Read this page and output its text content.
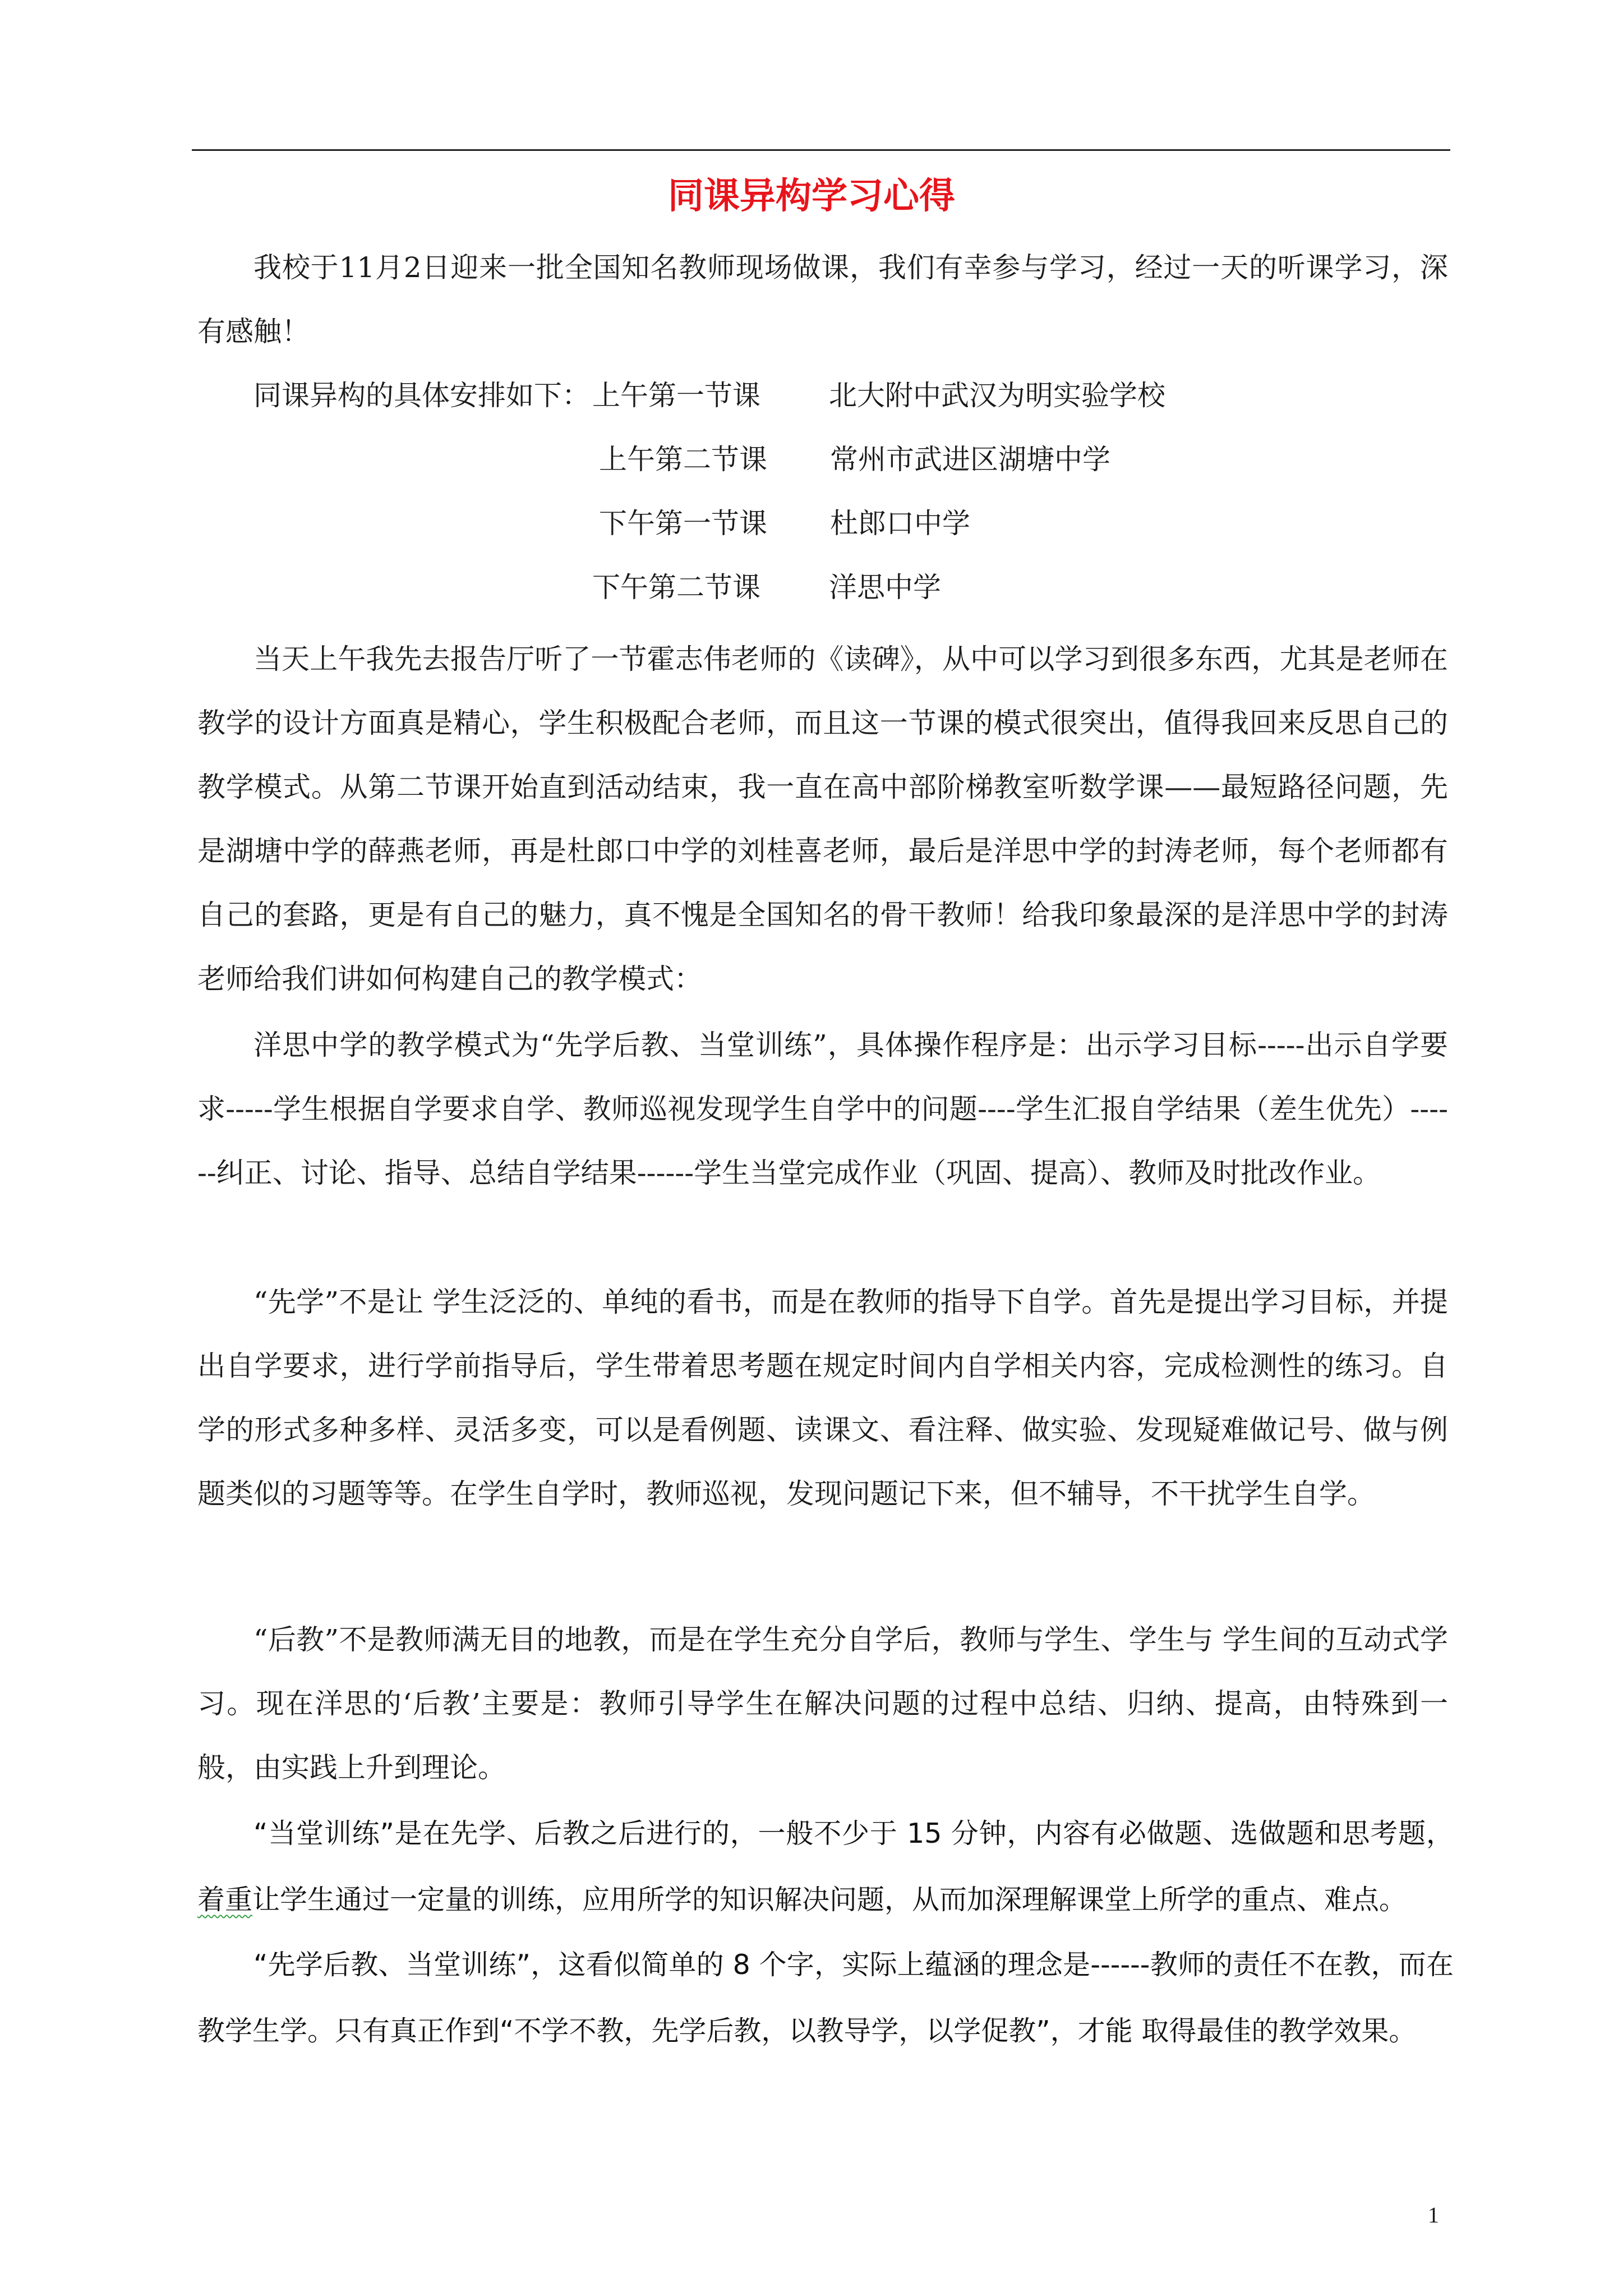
同课异构学习心得
我校于11月2日迎来一批全国知名教师现场做课，我们有幸参与学习，经过一天的听课学习，深有感触！
同课异构的具体安排如下： 上午第一节课 北大附中武汉为明实验学校
上午第二节课 常州市武进区湖塘中学
下午第一节课 杜郎口中学
下午第二节课 洋思中学
当天上午我先去报告厅听了一节霍志伟老师的《读碑》，从中可以学习到很多东西，尤其是老师在教学的设计方面真是精心，学生积极配合老师，而且这一节课的模式很突出，值得我回来反思自己的教学模式。从第二节课开始直到活动结束，我一直在高中部阶梯教室听数学课——最短路径问题，先是湖塘中学的薛燕老师，再是杜郎口中学的刘桂喜老师，最后是洋思中学的封涛老师，每个老师都有自己的套路，更是有自己的魅力，真不愧是全国知名的骨干教师！给我印象最深的是洋思中学的封涛老师给我们讲如何构建自己的教学模式：
洋思中学的教学模式为“先学后教、当堂训练”，具体操作程序是：出示学习目标-----出示自学要求-----学生根据自学要求自学、教师巡视发现学生自学中的问题----学生汇报自学结果（差生优先）------纠正、讨论、指导、总结自学结果------学生当堂完成作业（巩固、提高）、教师及时批改作业。
“先学”不是让 学生泛泛的、单纯的看书，而是在教师的指导下自学。首先是提出学习目标，并提出自学要求，进行学前指导后，学生带着思考题在规定时间内自学相关内容，完成检测性的练习。自学的形式多种多样、灵活多变，可以是看例题、读课文、看注释、做实验、发现疑难做记号、做与例题类似的习题等等。在学生自学时，教师巡视，发现问题记下来，但不辅导，不干扰学生自学。
“后教”不是教师满无目的地教，而是在学生充分自学后，教师与学生、学生与 学生间的互动式学习。现在洋思的‘后教’主要是：教师引导学生在解决问题的过程中总结、归纳、提高，由特殊到一般，由实践上升到理论。
“当堂训练”是在先学、后教之后进行的，一般不少于 15 分钟，内容有必做题、选做题和思考题，着重让学生通过一定量的训练，应用所学的知识解决问题，从而加深理解课堂上所学的重点、难点。
“先学后教、当堂训练”，这看似简单的 8 个字，实际上蕴涵的理念是------教师的责任不在教，而在教学生学。只有真正作到“不学不教，先学后教，以教导学，以学促教”，才能 取得最佳的教学效果。
1
